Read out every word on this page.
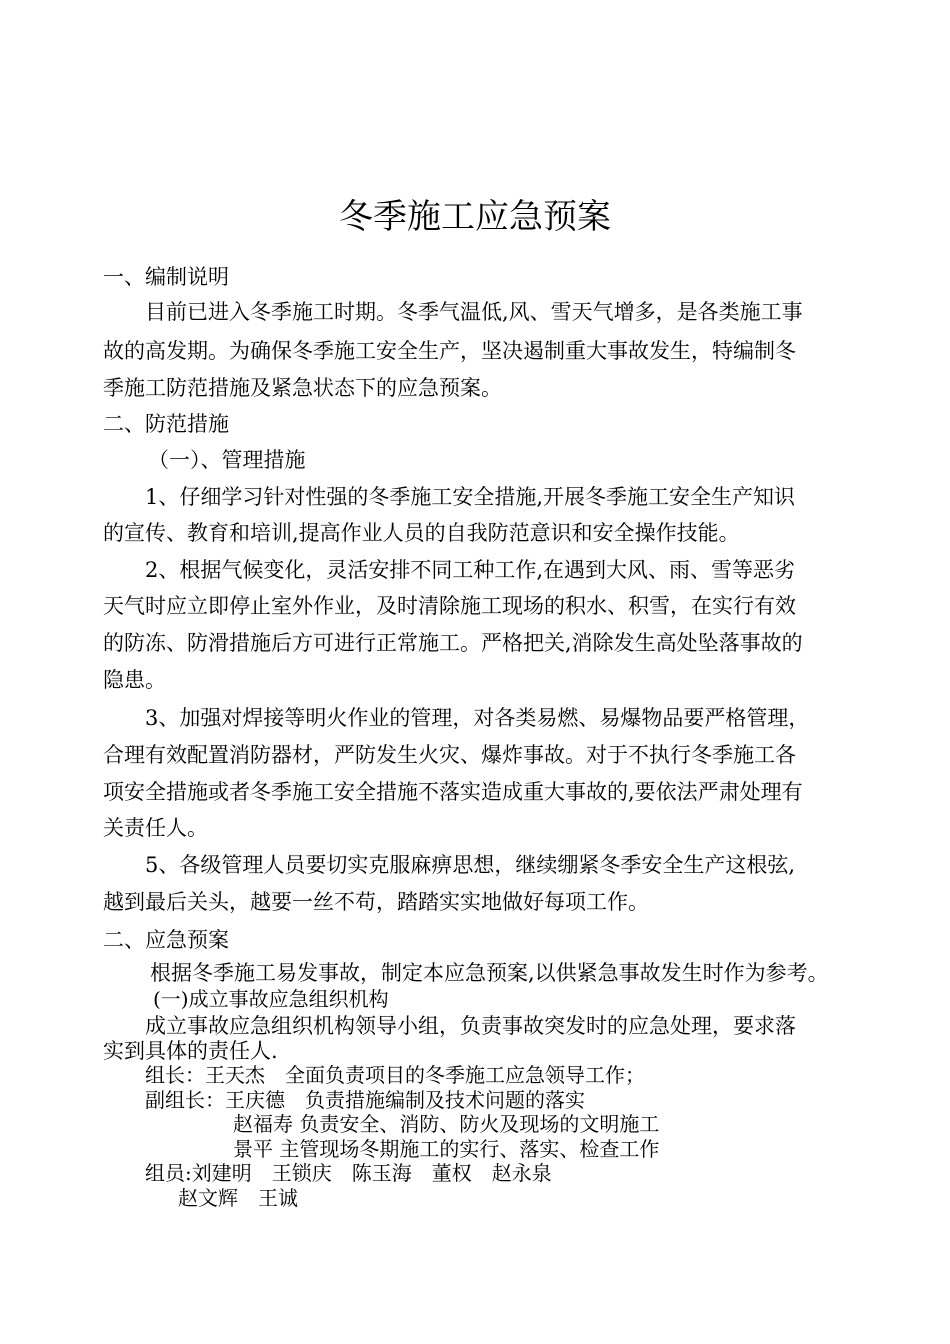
冬季施工应急预案
一、编制说明
目前已进入冬季施工时期。冬季气温低,风、雪天气增多，是各类施工事
故的高发期。为确保冬季施工安全生产，坚决遏制重大事故发生，特编制冬
季施工防范措施及紧急状态下的应急预案。
二、防范措施
（一）、管理措施
1、仔细学习针对性强的冬季施工安全措施,开展冬季施工安全生产知识
的宣传、教育和培训,提高作业人员的自我防范意识和安全操作技能。
2、根据气候变化，灵活安排不同工种工作,在遇到大风、雨、雪等恶劣
天气时应立即停止室外作业，及时清除施工现场的积水、积雪，在实行有效
的防冻、防滑措施后方可进行正常施工。严格把关,消除发生高处坠落事故的
隐患。
3、加强对焊接等明火作业的管理，对各类易燃、易爆物品要严格管理，
合理有效配置消防器材，严防发生火灾、爆炸事故。对于不执行冬季施工各
项安全措施或者冬季施工安全措施不落实造成重大事故的,要依法严肃处理有
关责任人。
5、各级管理人员要切实克服麻痹思想，继续绷紧冬季安全生产这根弦,
越到最后关头，越要一丝不苟，踏踏实实地做好每项工作。
二、应急预案
根据冬季施工易发事故，制定本应急预案,以供紧急事故发生时作为参考。
(一)成立事故应急组织机构
成立事故应急组织机构领导小组，负责事故突发时的应急处理，要求落
实到具体的责任人.
组长：王天杰　全面负责项目的冬季施工应急领导工作；
副组长：王庆德　负责措施编制及技术问题的落实
赵福寿 负责安全、消防、防火及现场的文明施工
景平 主管现场冬期施工的实行、落实、检查工作
组员:刘建明　王锁庆　陈玉海　董权　赵永泉
赵文辉　王诚
